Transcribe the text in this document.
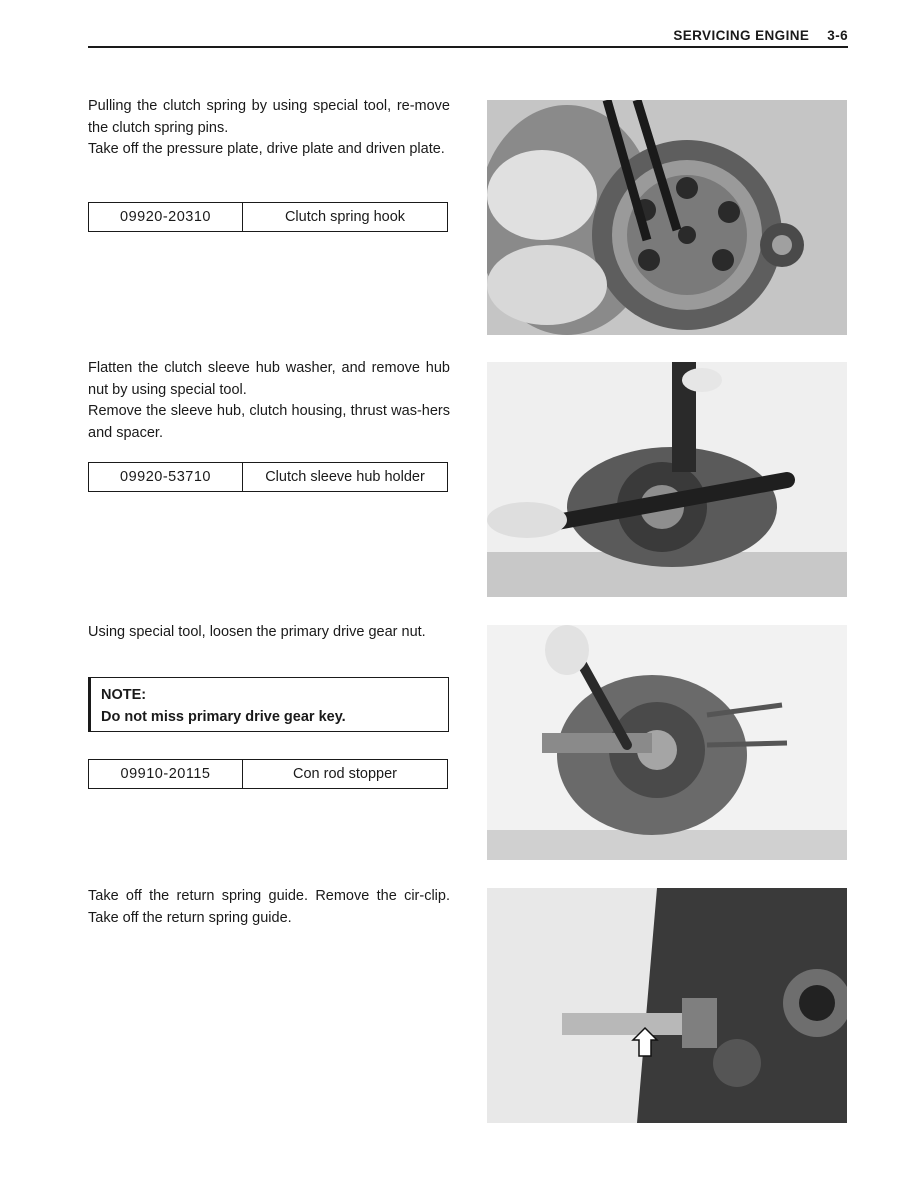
SERVICING ENGINE 3-6

Pulling the clutch spring by using special tool, re-move the clutch spring pins.

Take off the pressure plate, drive plate and driven plate.

09920-20310	Clutch spring hook

Flatten the clutch sleeve hub washer, and remove hub nut by using special tool.

Remove the sleeve hub, clutch housing, thrust was-hers and spacer.

09920-53710	Clutch sleeve hub holder

Using special tool, loosen the primary drive gear nut.

NOTE:
Do not miss primary drive gear key.
09910-20115	Con rod stopper

Take off the return spring guide. Remove the cir-clip. Take off the return spring guide.
